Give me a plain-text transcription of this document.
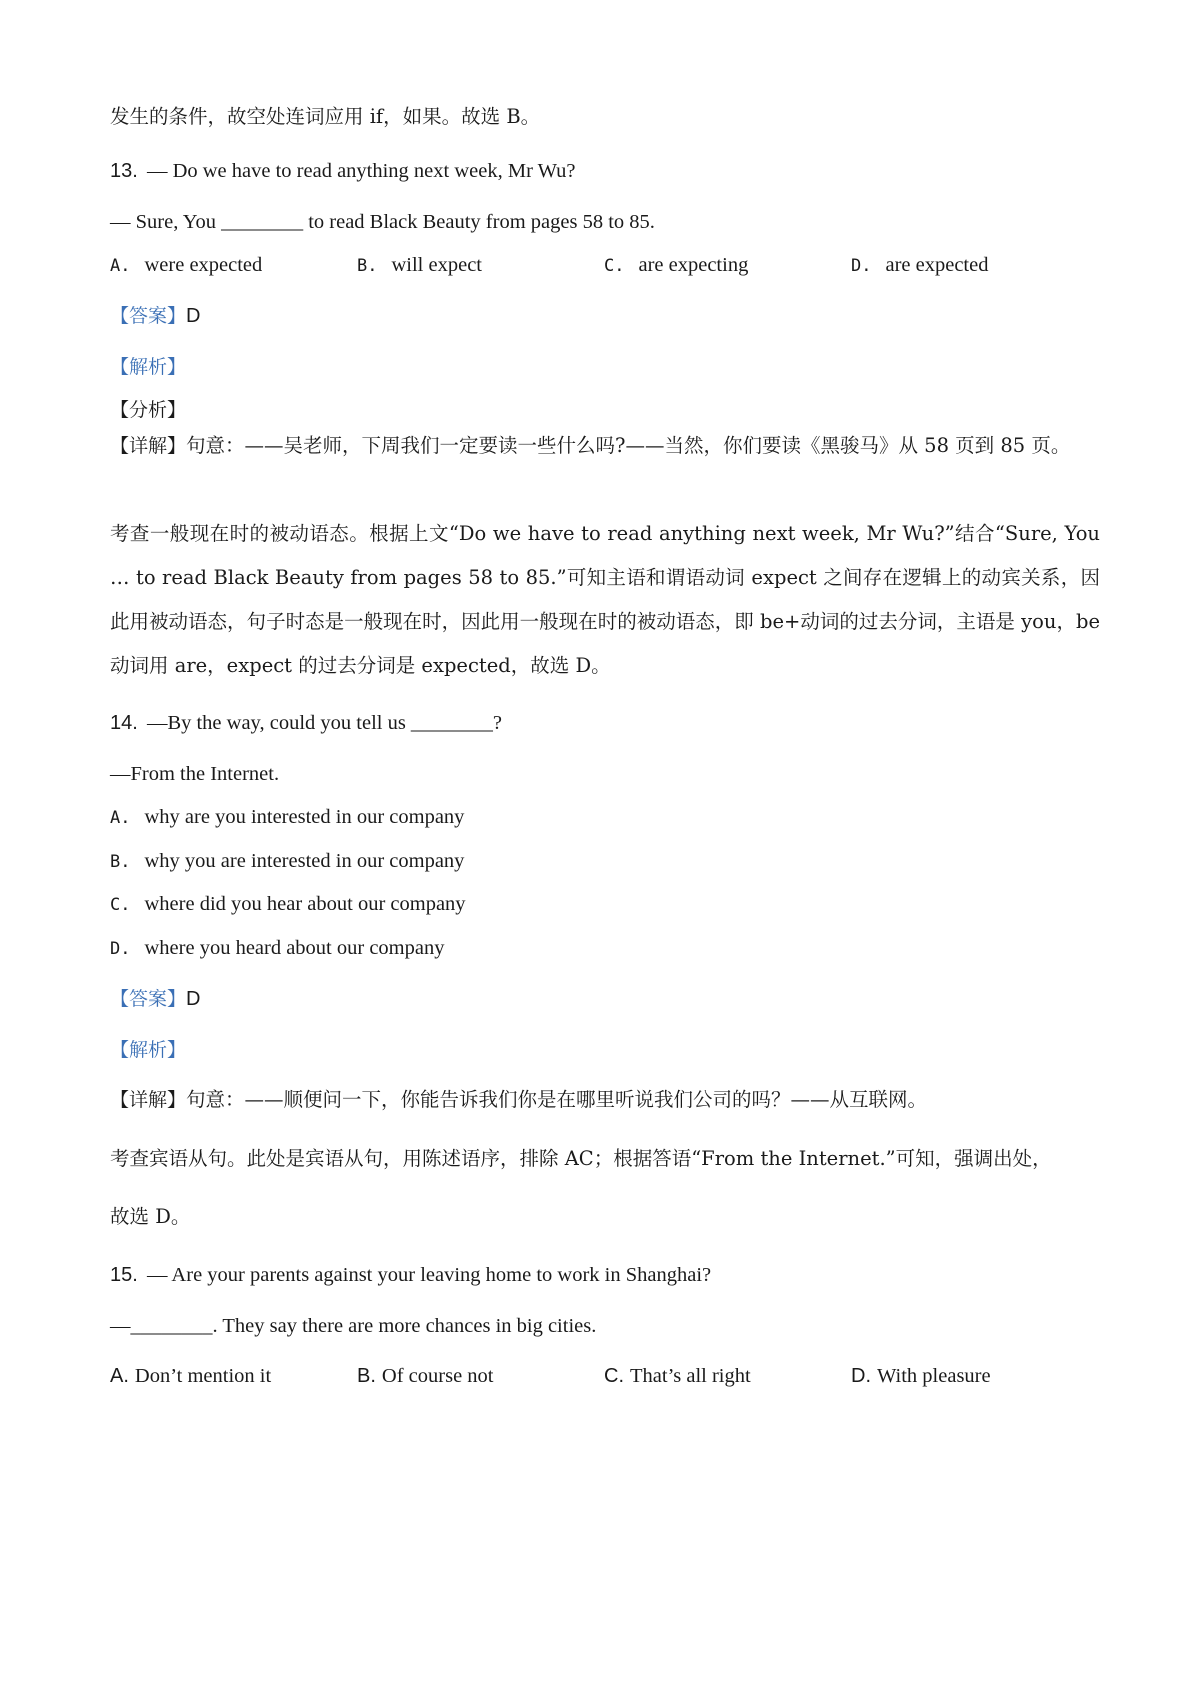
发生的条件，故空处连词应用 if，如果。故选 B。
13. — Do we have to read anything next week, Mr Wu?
— Sure, You ________ to read Black Beauty from pages 58 to 85.
A. were expected	B. will expect	C. are expecting	D. are expected
【答案】D
【解析】
【分析】
【详解】句意：——吴老师，下周我们一定要读一些什么吗?——当然，你们要读《黑骏马》从 58 页到 85 页。
考查一般现在时的被动语态。根据上文“Do we have to read anything next week, Mr Wu?”结合“Sure, You … to read Black Beauty from pages 58 to 85.”可知主语和谓语动词 expect 之间存在逻辑上的动宾关系，因此用被动语态，句子时态是一般现在时，因此用一般现在时的被动语态，即 be+动词的过去分词，主语是 you，be 动词用 are，expect 的过去分词是 expected，故选 D。
14. —By the way, could you tell us ________?
—From the Internet.
A. why are you interested in our company
B. why you are interested in our company
C. where did you hear about our company
D. where you heard about our company
【答案】D
【解析】
【详解】句意：——顺便问一下，你能告诉我们你是在哪里听说我们公司的吗？——从互联网。
考查宾语从句。此处是宾语从句，用陈述语序，排除 AC；根据答语“From the Internet.”可知，强调出处，
故选 D。
15. — Are your parents against your leaving home to work in Shanghai?
—________. They say there are more chances in big cities.
A. Don’t mention it	B. Of course not	C. That’s all right	D. With pleasure
